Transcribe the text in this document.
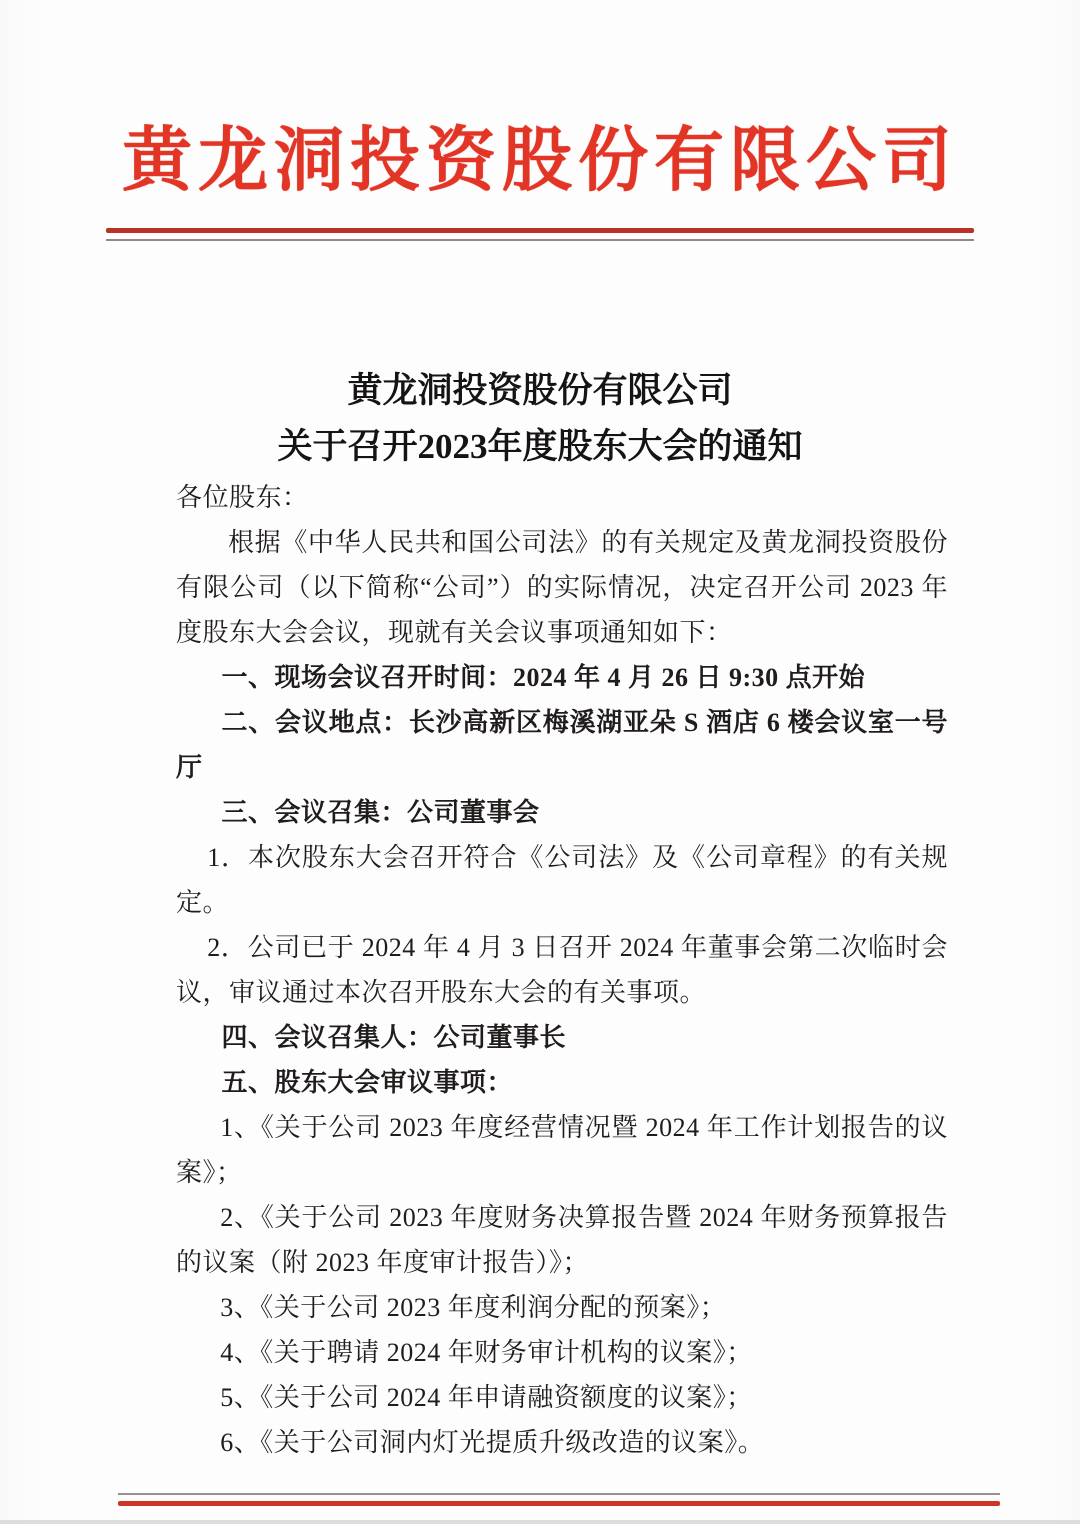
黄龙洞投资股份有限公司
黄龙洞投资股份有限公司
关于召开2023年度股东大会的通知

各位股东：

根据《中华人民共和国公司法》的有关规定及黄龙洞投资股份有限公司（以下简称“公司”）的实际情况，决定召开公司 2023 年度股东大会会议，现就有关会议事项通知如下：

一、现场会议召开时间：2024 年 4 月 26 日 9:30 点开始

二、会议地点：长沙高新区梅溪湖亚朵 S 酒店 6 楼会议室一号厅

三、会议召集：公司董事会

1．本次股东大会召开符合《公司法》及《公司章程》的有关规定。

2．公司已于 2024 年 4 月 3 日召开 2024 年董事会第二次临时会议，审议通过本次召开股东大会的有关事项。

四、会议召集人：公司董事长

五、股东大会审议事项：

1、《关于公司 2023 年度经营情况暨 2024 年工作计划报告的议案》；

2、《关于公司 2023 年度财务决算报告暨 2024 年财务预算报告的议案（附 2023 年度审计报告）》；

3、《关于公司 2023 年度利润分配的预案》；

4、《关于聘请 2024 年财务审计机构的议案》；

5、《关于公司 2024 年申请融资额度的议案》；

6、《关于公司洞内灯光提质升级改造的议案》。
